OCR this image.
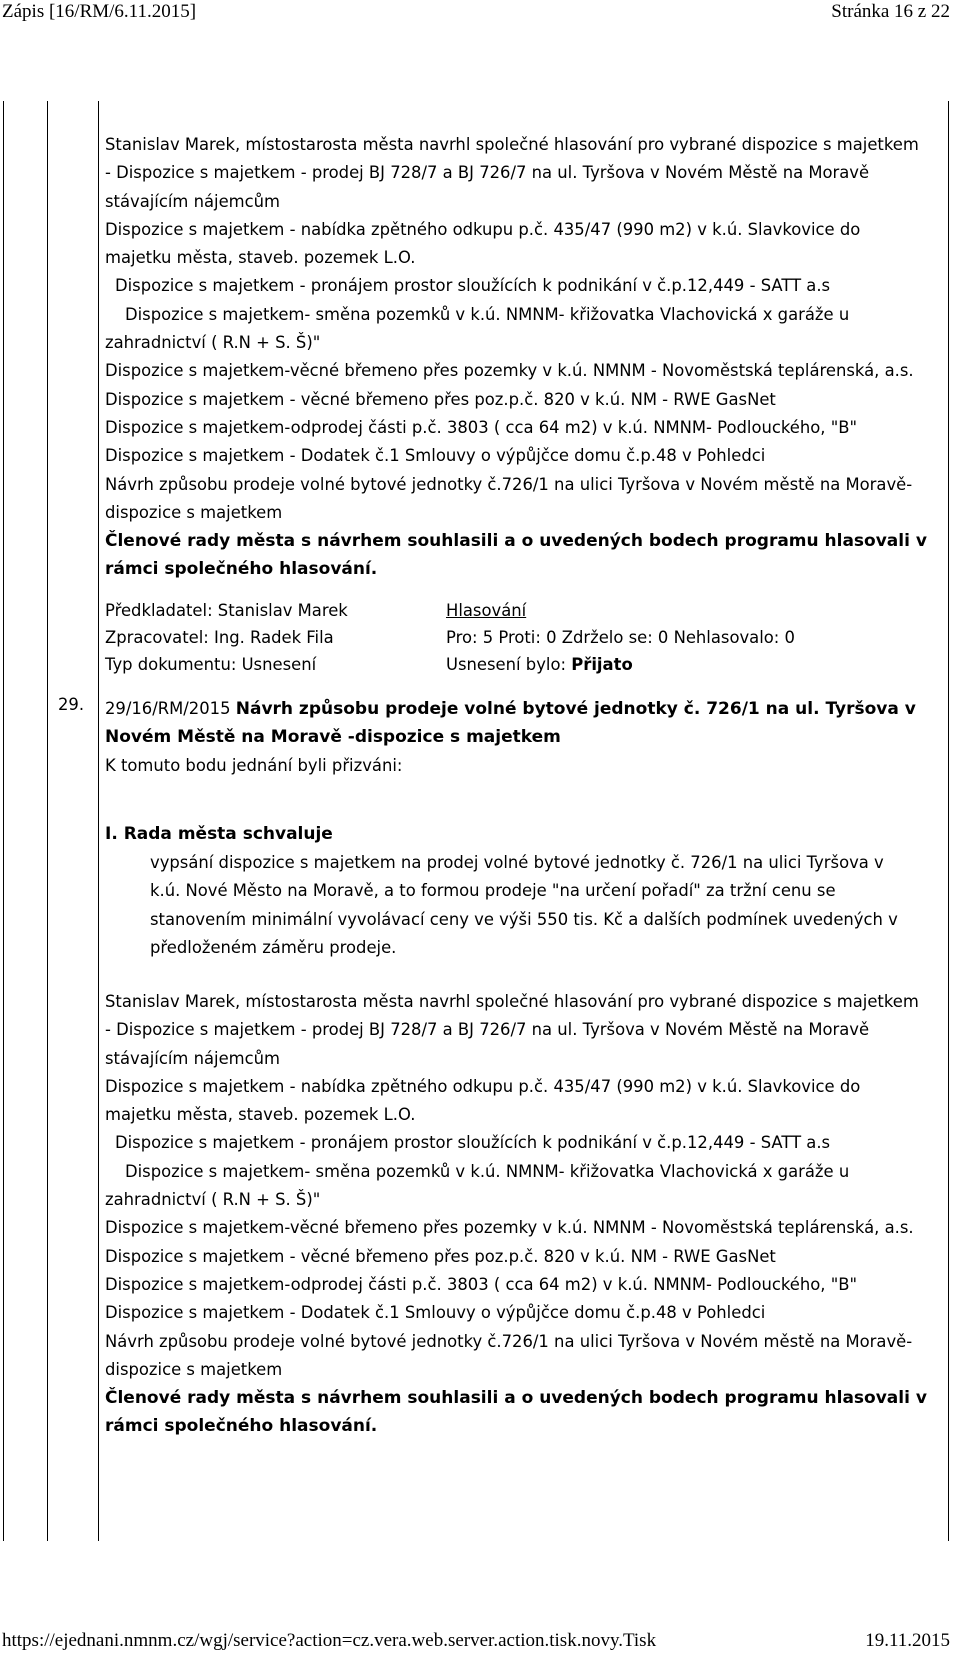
Zápis [16/RM/6.11.2015]	Stránka 16 z 22
https://ejednani.nmnm.cz/wgj/service?action=cz.vera.web.server.action.tisk.novy.Tisk	19.11.2015
Stanislav Marek, místostarosta města navrhl společné hlasování pro vybrané dispozice s majetkem
- Dispozice s majetkem - prodej BJ 728/7 a BJ 726/7 na ul. Tyršova v Novém Městě na Moravě
stávajícím nájemcům
Dispozice s majetkem - nabídka zpětného odkupu p.č. 435/47 (990 m2) v k.ú. Slavkovice do
majetku města, staveb. pozemek L.O.
Dispozice s majetkem - pronájem prostor sloužících k podnikání v č.p.12,449 - SATT a.s
Dispozice s majetkem- směna pozemků v k.ú. NMNM- křižovatka Vlachovická x garáže u
zahradnictví ( R.N + S. Š)"
Dispozice s majetkem-věcné břemeno přes pozemky v k.ú. NMNM - Novoměstská teplárenská, a.s.
Dispozice s majetkem - věcné břemeno přes poz.p.č. 820 v k.ú. NM - RWE GasNet
Dispozice s majetkem-odprodej části p.č. 3803 ( cca 64 m2) v k.ú. NMNM- Podlouckého, "B"
Dispozice s majetkem - Dodatek č.1 Smlouvy o výpůjčce domu č.p.48 v Pohledci
Návrh způsobu prodeje volné bytové jednotky č.726/1 na ulici Tyršova v Novém městě na Moravě-
dispozice s majetkem
Členové rady města s návrhem souhlasili a o uvedených bodech programu hlasovali v
rámci společného hlasování.
Předkladatel: Stanislav Marek
Zpracovatel: Ing. Radek Fila
Typ dokumentu: Usnesení
Hlasování
Pro: 5 Proti: 0 Zdrželo se: 0 Nehlasovalo: 0
Usnesení bylo: Přijato
29. 29/16/RM/2015 Návrh způsobu prodeje volné bytové jednotky č. 726/1 na ul. Tyršova v
Novém Městě na Moravě -dispozice s majetkem
K tomuto bodu jednání byli přizváni:
I. Rada města schvaluje
vypsání dispozice s majetkem na prodej volné bytové jednotky č. 726/1 na ulici Tyršova v
k.ú. Nové Město na Moravě, a to formou prodeje "na určení pořadí" za tržní cenu se
stanovením minimální vyvolávací ceny ve výši 550 tis. Kč a dalších podmínek uvedených v
předloženém záměru prodeje.
Stanislav Marek, místostarosta města navrhl společné hlasování pro vybrané dispozice s majetkem
- Dispozice s majetkem - prodej BJ 728/7 a BJ 726/7 na ul. Tyršova v Novém Městě na Moravě
stávajícím nájemcům
Dispozice s majetkem - nabídka zpětného odkupu p.č. 435/47 (990 m2) v k.ú. Slavkovice do
majetku města, staveb. pozemek L.O.
Dispozice s majetkem - pronájem prostor sloužících k podnikání v č.p.12,449 - SATT a.s
Dispozice s majetkem- směna pozemků v k.ú. NMNM- křižovatka Vlachovická x garáže u
zahradnictví ( R.N + S. Š)"
Dispozice s majetkem-věcné břemeno přes pozemky v k.ú. NMNM - Novoměstská teplárenská, a.s.
Dispozice s majetkem - věcné břemeno přes poz.p.č. 820 v k.ú. NM - RWE GasNet
Dispozice s majetkem-odprodej části p.č. 3803 ( cca 64 m2) v k.ú. NMNM- Podlouckého, "B"
Dispozice s majetkem - Dodatek č.1 Smlouvy o výpůjčce domu č.p.48 v Pohledci
Návrh způsobu prodeje volné bytové jednotky č.726/1 na ulici Tyršova v Novém městě na Moravě-
dispozice s majetkem
Členové rady města s návrhem souhlasili a o uvedených bodech programu hlasovali v
rámci společného hlasování.
